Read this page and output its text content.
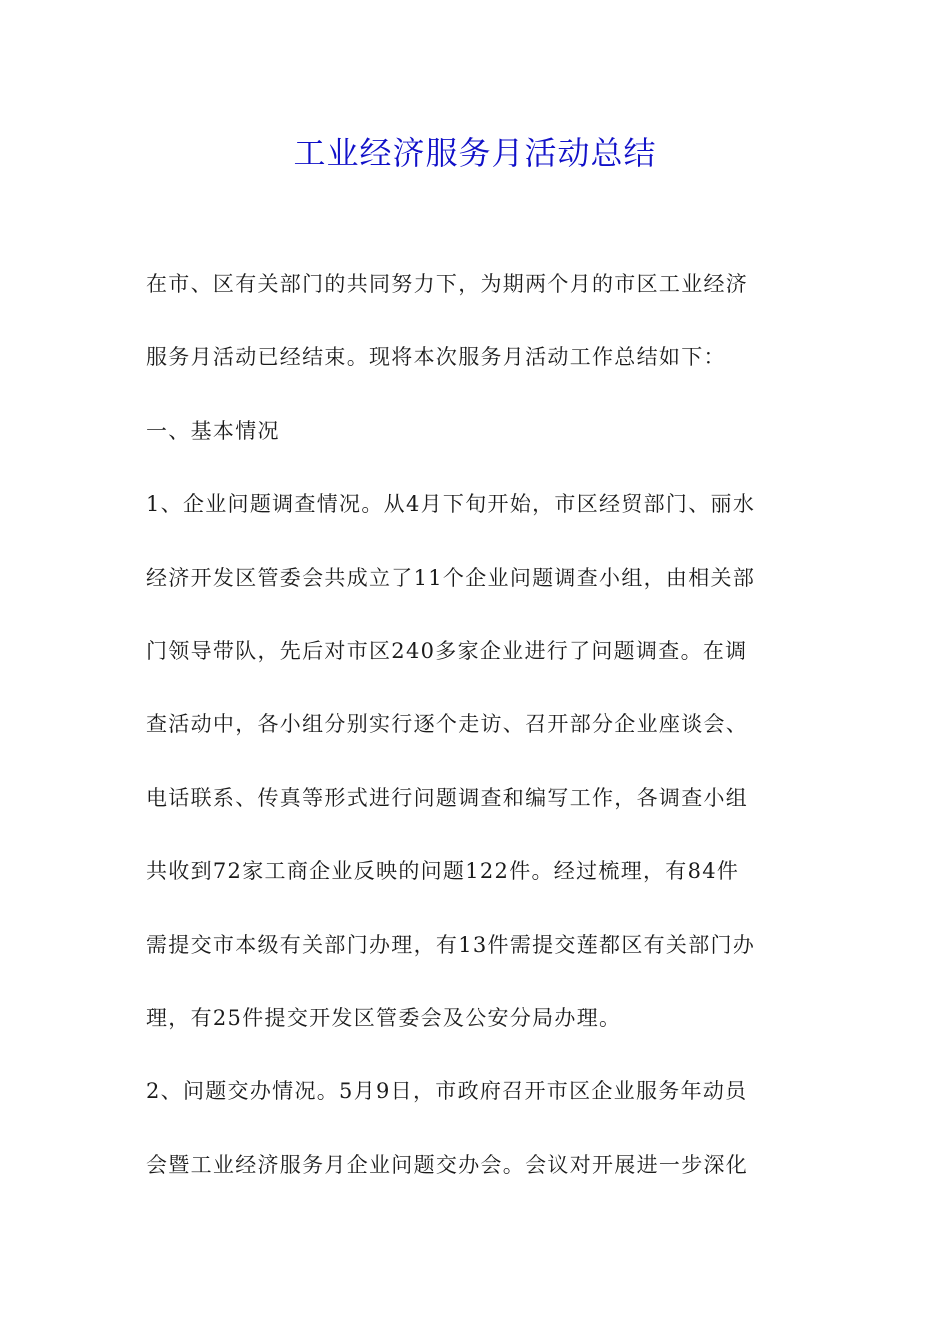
工业经济服务月活动总结
在市、区有关部门的共同努力下，为期两个月的市区工业经济
服务月活动已经结束。现将本次服务月活动工作总结如下：
一、基本情况
1、企业问题调查情况。从4月下旬开始，市区经贸部门、丽水
经济开发区管委会共成立了11个企业问题调查小组，由相关部
门领导带队，先后对市区240多家企业进行了问题调查。在调
查活动中，各小组分别实行逐个走访、召开部分企业座谈会、
电话联系、传真等形式进行问题调查和编写工作，各调查小组
共收到72家工商企业反映的问题122件。经过梳理，有84件
需提交市本级有关部门办理，有13件需提交莲都区有关部门办
理，有25件提交开发区管委会及公安分局办理。
2、问题交办情况。5月9日，市政府召开市区企业服务年动员
会暨工业经济服务月企业问题交办会。会议对开展进一步深化
